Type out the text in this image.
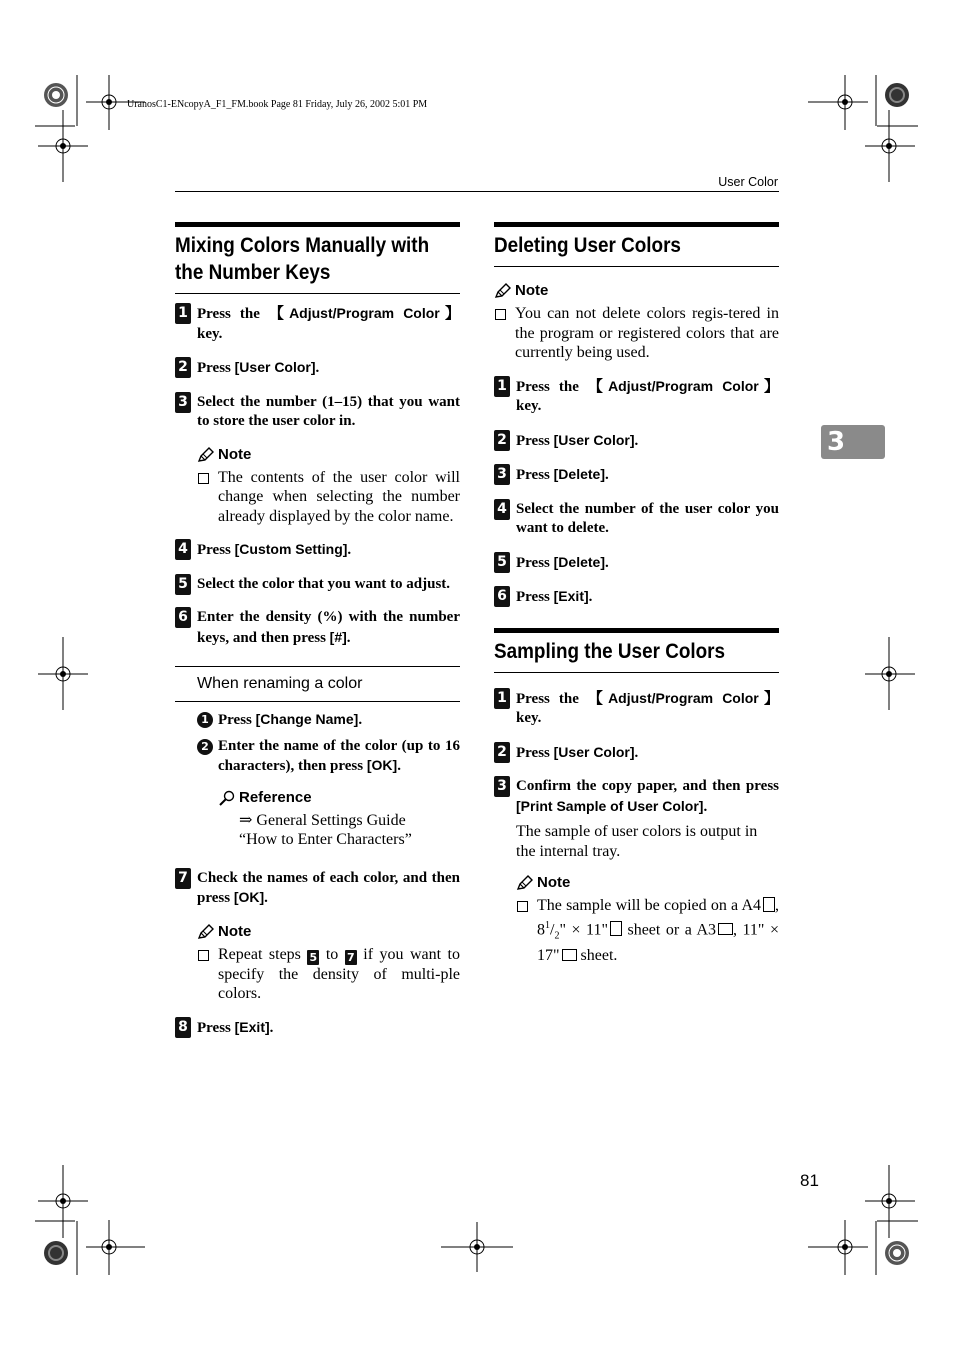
UranosC1-ENcopyA_F1_FM.book Page 81 Friday, July 26, 2002 5:01 PM
User Color
Mixing Colors Manually with the Number Keys
1 Press the 【Adjust/Program Color】 key.
2 Press [User Color].
3 Select the number (1–15) that you want to store the user color in.
Note
The contents of the user color will change when selecting the number already displayed by the color name.
4 Press [Custom Setting].
5 Select the color that you want to adjust.
6 Enter the density (%) with the number keys, and then press [#].
When renaming a color
1 Press [Change Name].
2 Enter the name of the color (up to 16 characters), then press [OK].
Reference
⇒ General Settings Guide
“How to Enter Characters”
7 Check the names of each color, and then press [OK].
Note
Repeat steps 5 to 7 if you want to specify the density of multi-ple colors.
8 Press [Exit].
Deleting User Colors
Note
You can not delete colors regis-tered in the program or registered colors that are currently being used.
1 Press the 【Adjust/Program Color】 key.
2 Press [User Color].
3 Press [Delete].
4 Select the number of the user color you want to delete.
5 Press [Delete].
6 Press [Exit].
Sampling the User Colors
1 Press the 【Adjust/Program Color】 key.
2 Press [User Color].
3 Confirm the copy paper, and then press [Print Sample of User Color].
The sample of user colors is output in the internal tray.
Note
The sample will be copied on a A4 , $8^1/_2$" × 11" sheet or a A3 , 11" × 17" sheet.
3
81
